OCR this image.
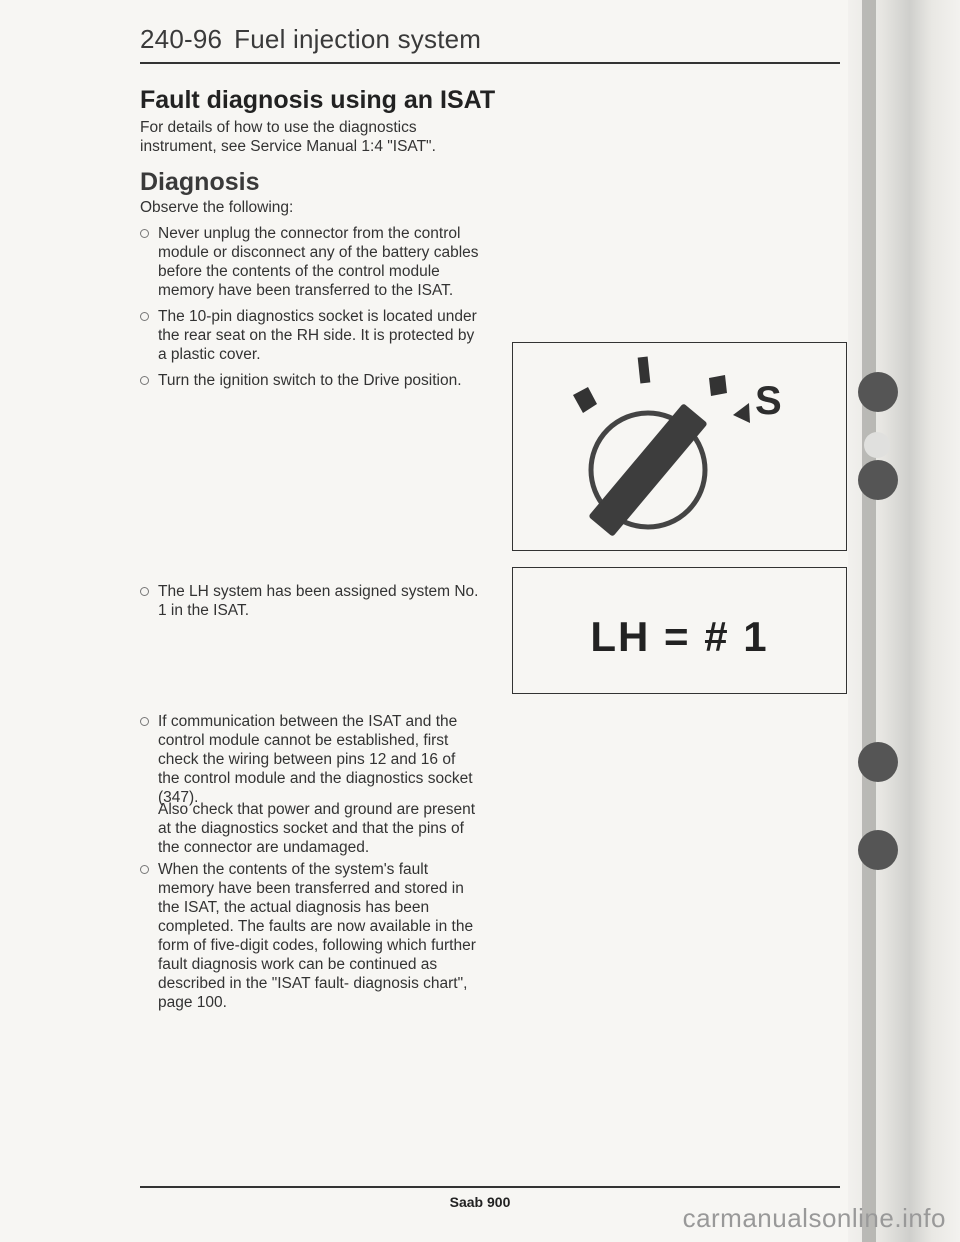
240-96 Fuel injection system
Fault diagnosis using an ISAT
For details of how to use the diagnostics instrument, see Service Manual 1:4 "ISAT".
Diagnosis
Observe the following:
Never unplug the connector from the control module or disconnect any of the battery cables before the contents of the control module memory have been transferred to the ISAT.
The 10-pin diagnostics socket is located under the rear seat on the RH side. It is protected by a plastic cover.
Turn the ignition switch to the Drive position.
The LH system has been assigned system No. 1 in the ISAT.
If communication between the ISAT and the control module cannot be established, first check the wiring between pins 12 and 16 of the control module and the diagnostics socket (347).
Also check that power and ground are present at the diagnostics socket and that the pins of the connector are undamaged.
When the contents of the system's fault memory have been transferred and stored in the ISAT, the actual diagnosis has been completed. The faults are now available in the form of five-digit codes, following which further fault diagnosis work can be continued as described in the "ISAT fault- diagnosis chart", page 100.
S
LH = # 1
Saab 900
carmanualsonline.info
